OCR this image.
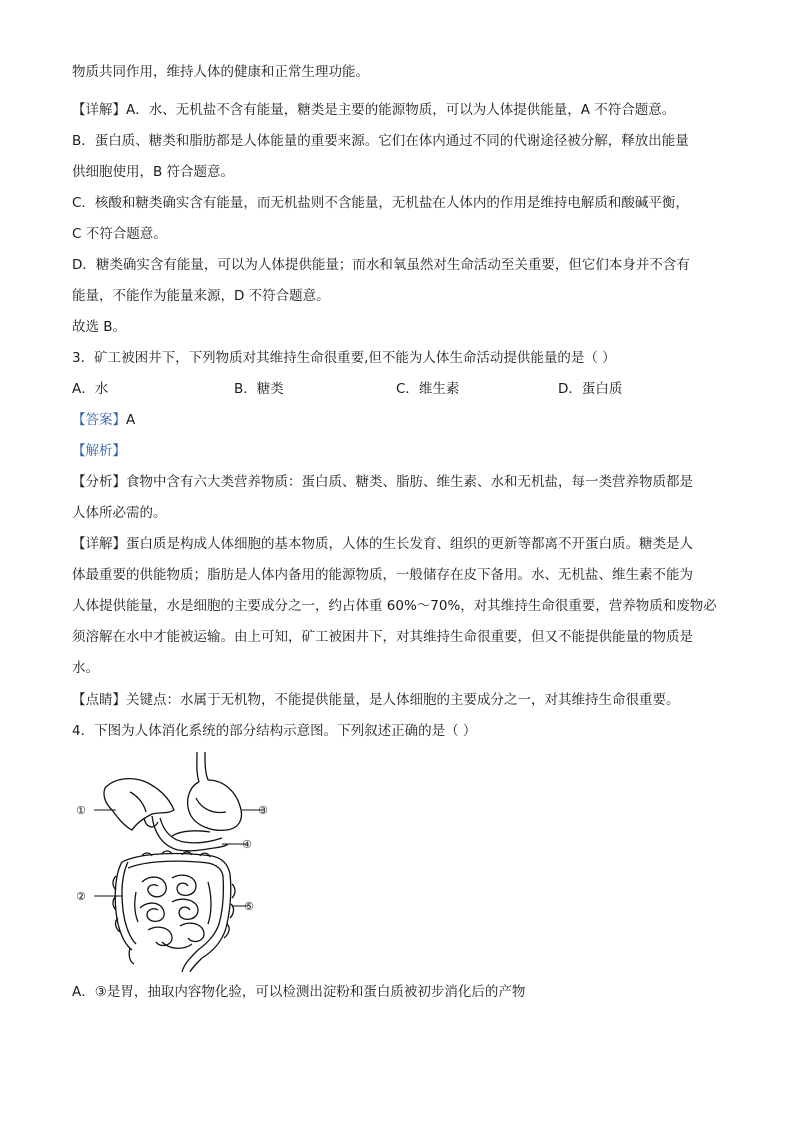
物质共同作用，维持人体的健康和正常生理功能。
【详解】A．水、无机盐不含有能量，糖类是主要的能源物质，可以为人体提供能量，A 不符合题意。
B．蛋白质、糖类和脂肪都是人体能量的重要来源。它们在体内通过不同的代谢途径被分解，释放出能量
供细胞使用，B 符合题意。
C．核酸和糖类确实含有能量，而无机盐则不含能量，无机盐在人体内的作用是维持电解质和酸碱平衡，
C 不符合题意。
D．糖类确实含有能量，可以为人体提供能量；而水和氧虽然对生命活动至关重要，但它们本身并不含有
能量，不能作为能量来源，D 不符合题意。
故选 B。
3．矿工被困井下，下列物质对其维持生命很重要,但不能为人体生命活动提供能量的是（ ）
A．水	B．糖类	C．维生素	D．蛋白质
【答案】A
【解析】
【分析】食物中含有六大类营养物质：蛋白质、糖类、脂肪、维生素、水和无机盐，每一类营养物质都是
人体所必需的。
【详解】蛋白质是构成人体细胞的基本物质，人体的生长发育、组织的更新等都离不开蛋白质。糖类是人
体最重要的供能物质；脂肪是人体内备用的能源物质，一般储存在皮下备用。水、无机盐、维生素不能为
人体提供能量，水是细胞的主要成分之一，约占体重 60%～70%，对其维持生命很重要，营养物质和废物必
须溶解在水中才能被运输。由上可知，矿工被困井下，对其维持生命很重要，但又不能提供能量的物质是
水。
【点睛】关键点：水属于无机物，不能提供能量，是人体细胞的主要成分之一，对其维持生命很重要。
4．下图为人体消化系统的部分结构示意图。下列叙述正确的是（ ）
①	③
④
②
⑤
A．③是胃，抽取内容物化验，可以检测出淀粉和蛋白质被初步消化后的产物
